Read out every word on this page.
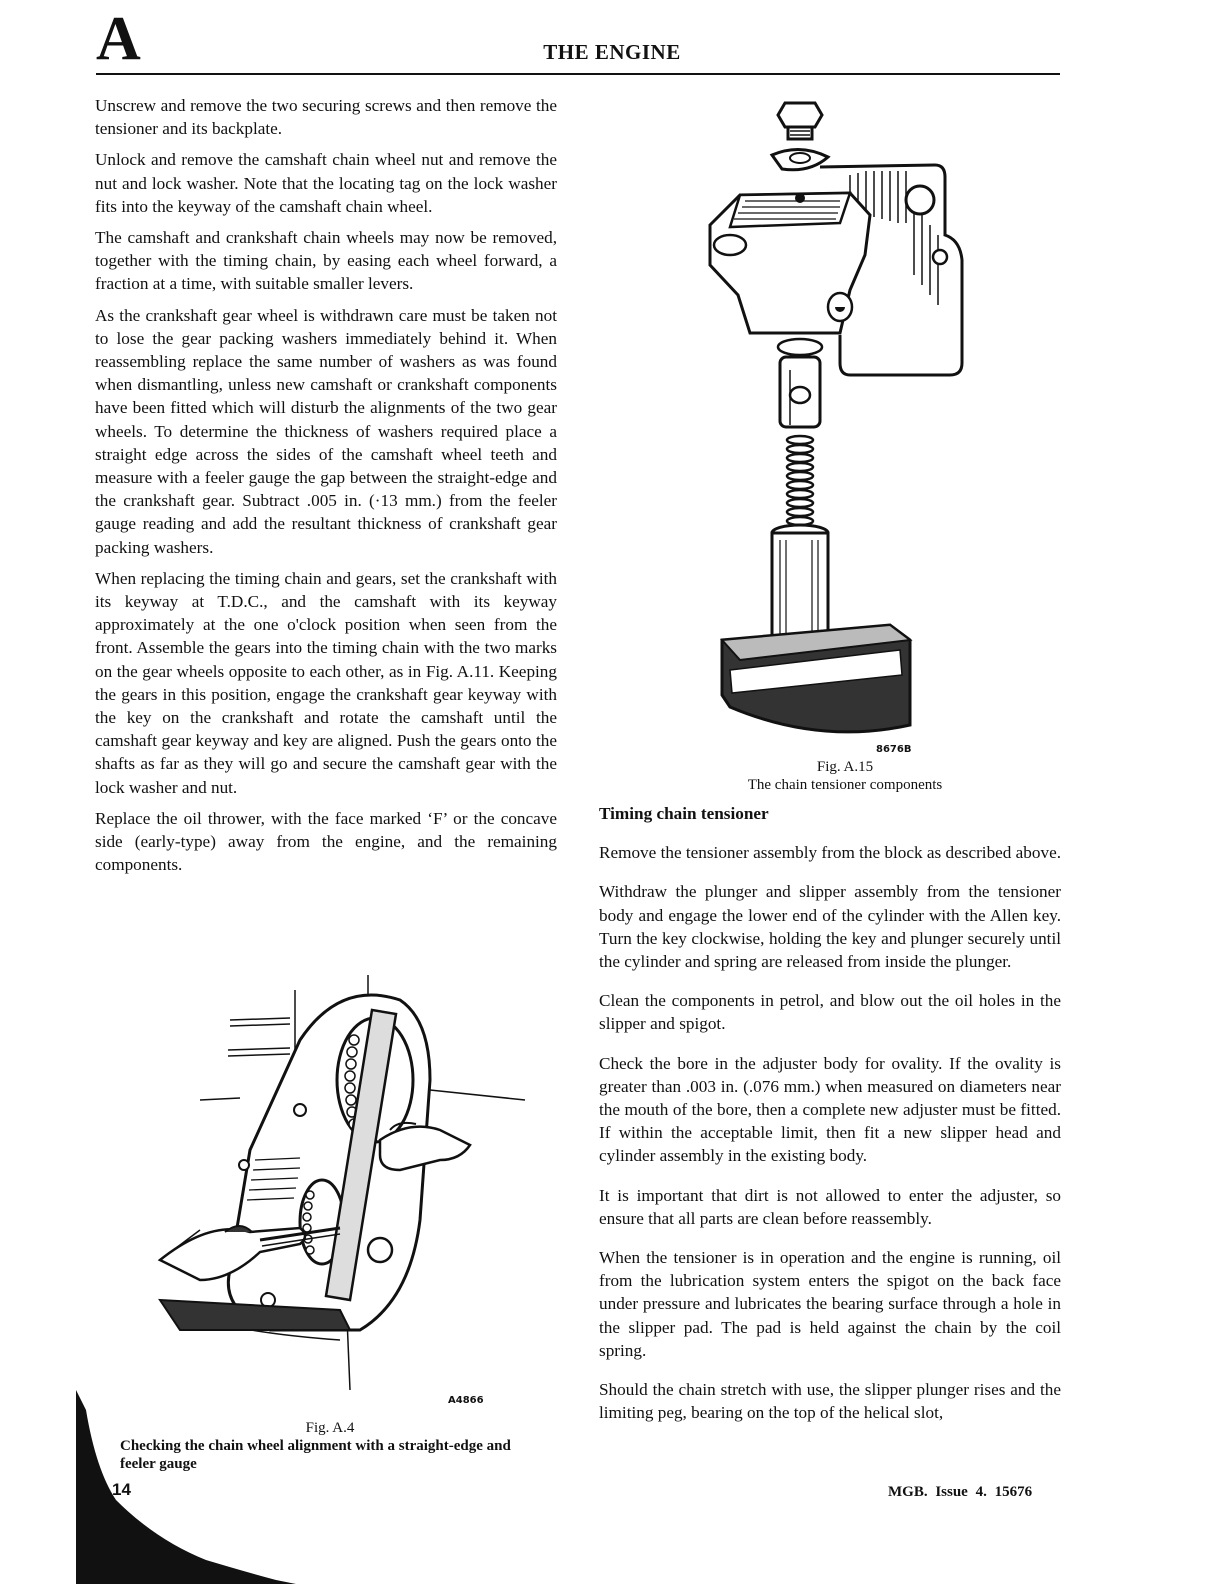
A	THE ENGINE

Unscrew and remove the two securing screws and then remove the tensioner and its backplate.

Unlock and remove the camshaft chain wheel nut and remove the nut and lock washer. Note that the locating tag on the lock washer fits into the keyway of the camshaft chain wheel.

The camshaft and crankshaft chain wheels may now be removed, together with the timing chain, by easing each wheel forward, a fraction at a time, with suitable smaller levers.

As the crankshaft gear wheel is withdrawn care must be taken not to lose the gear packing washers immediately behind it. When reassembling replace the same number of washers as was found when dismantling, unless new camshaft or crankshaft components have been fitted which will disturb the alignments of the two gear wheels. To determine the thickness of washers required place a straight edge across the sides of the camshaft wheel teeth and measure with a feeler gauge the gap between the straight-edge and the crankshaft gear. Subtract .005 in. (·13 mm.) from the feeler gauge reading and add the resultant thickness of crankshaft gear packing washers.

When replacing the timing chain and gears, set the crankshaft with its keyway at T.D.C., and the camshaft with its keyway approximately at the one o'clock position when seen from the front. Assemble the gears into the timing chain with the two marks on the gear wheels opposite to each other, as in Fig. A.11. Keeping the gears in this position, engage the crankshaft gear keyway with the key on the crankshaft and rotate the camshaft until the camshaft gear keyway and key are aligned. Push the gears onto the shafts as far as they will go and secure the camshaft gear with the lock washer and nut.

Replace the oil thrower, with the face marked ‘F’ or the concave side (early-type) away from the engine, and the remaining components.

8676B
Fig. A.15
The chain tensioner components

Timing chain tensioner

Remove the tensioner assembly from the block as described above.

Withdraw the plunger and slipper assembly from the tensioner body and engage the lower end of the cylinder with the Allen key. Turn the key clockwise, holding the key and plunger securely until the cylinder and spring are released from inside the plunger.

Clean the components in petrol, and blow out the oil holes in the slipper and spigot.

Check the bore in the adjuster body for ovality. If the ovality is greater than .003 in. (.076 mm.) when measured on diameters near the mouth of the bore, then a complete new adjuster must be fitted. If within the acceptable limit, then fit a new slipper head and cylinder assembly in the existing body.

It is important that dirt is not allowed to enter the adjuster, so ensure that all parts are clean before reassembly.

When the tensioner is in operation and the engine is running, oil from the lubrication system enters the spigot on the back face under pressure and lubricates the bearing surface through a hole in the slipper pad. The pad is held against the chain by the coil spring.

Should the chain stretch with use, the slipper plunger rises and the limiting peg, bearing on the top of the helical slot,

A4866
Fig. A.4
Checking the chain wheel alignment with a straight-edge and
feeler gauge
14	MGB. Issue 4. 15676
